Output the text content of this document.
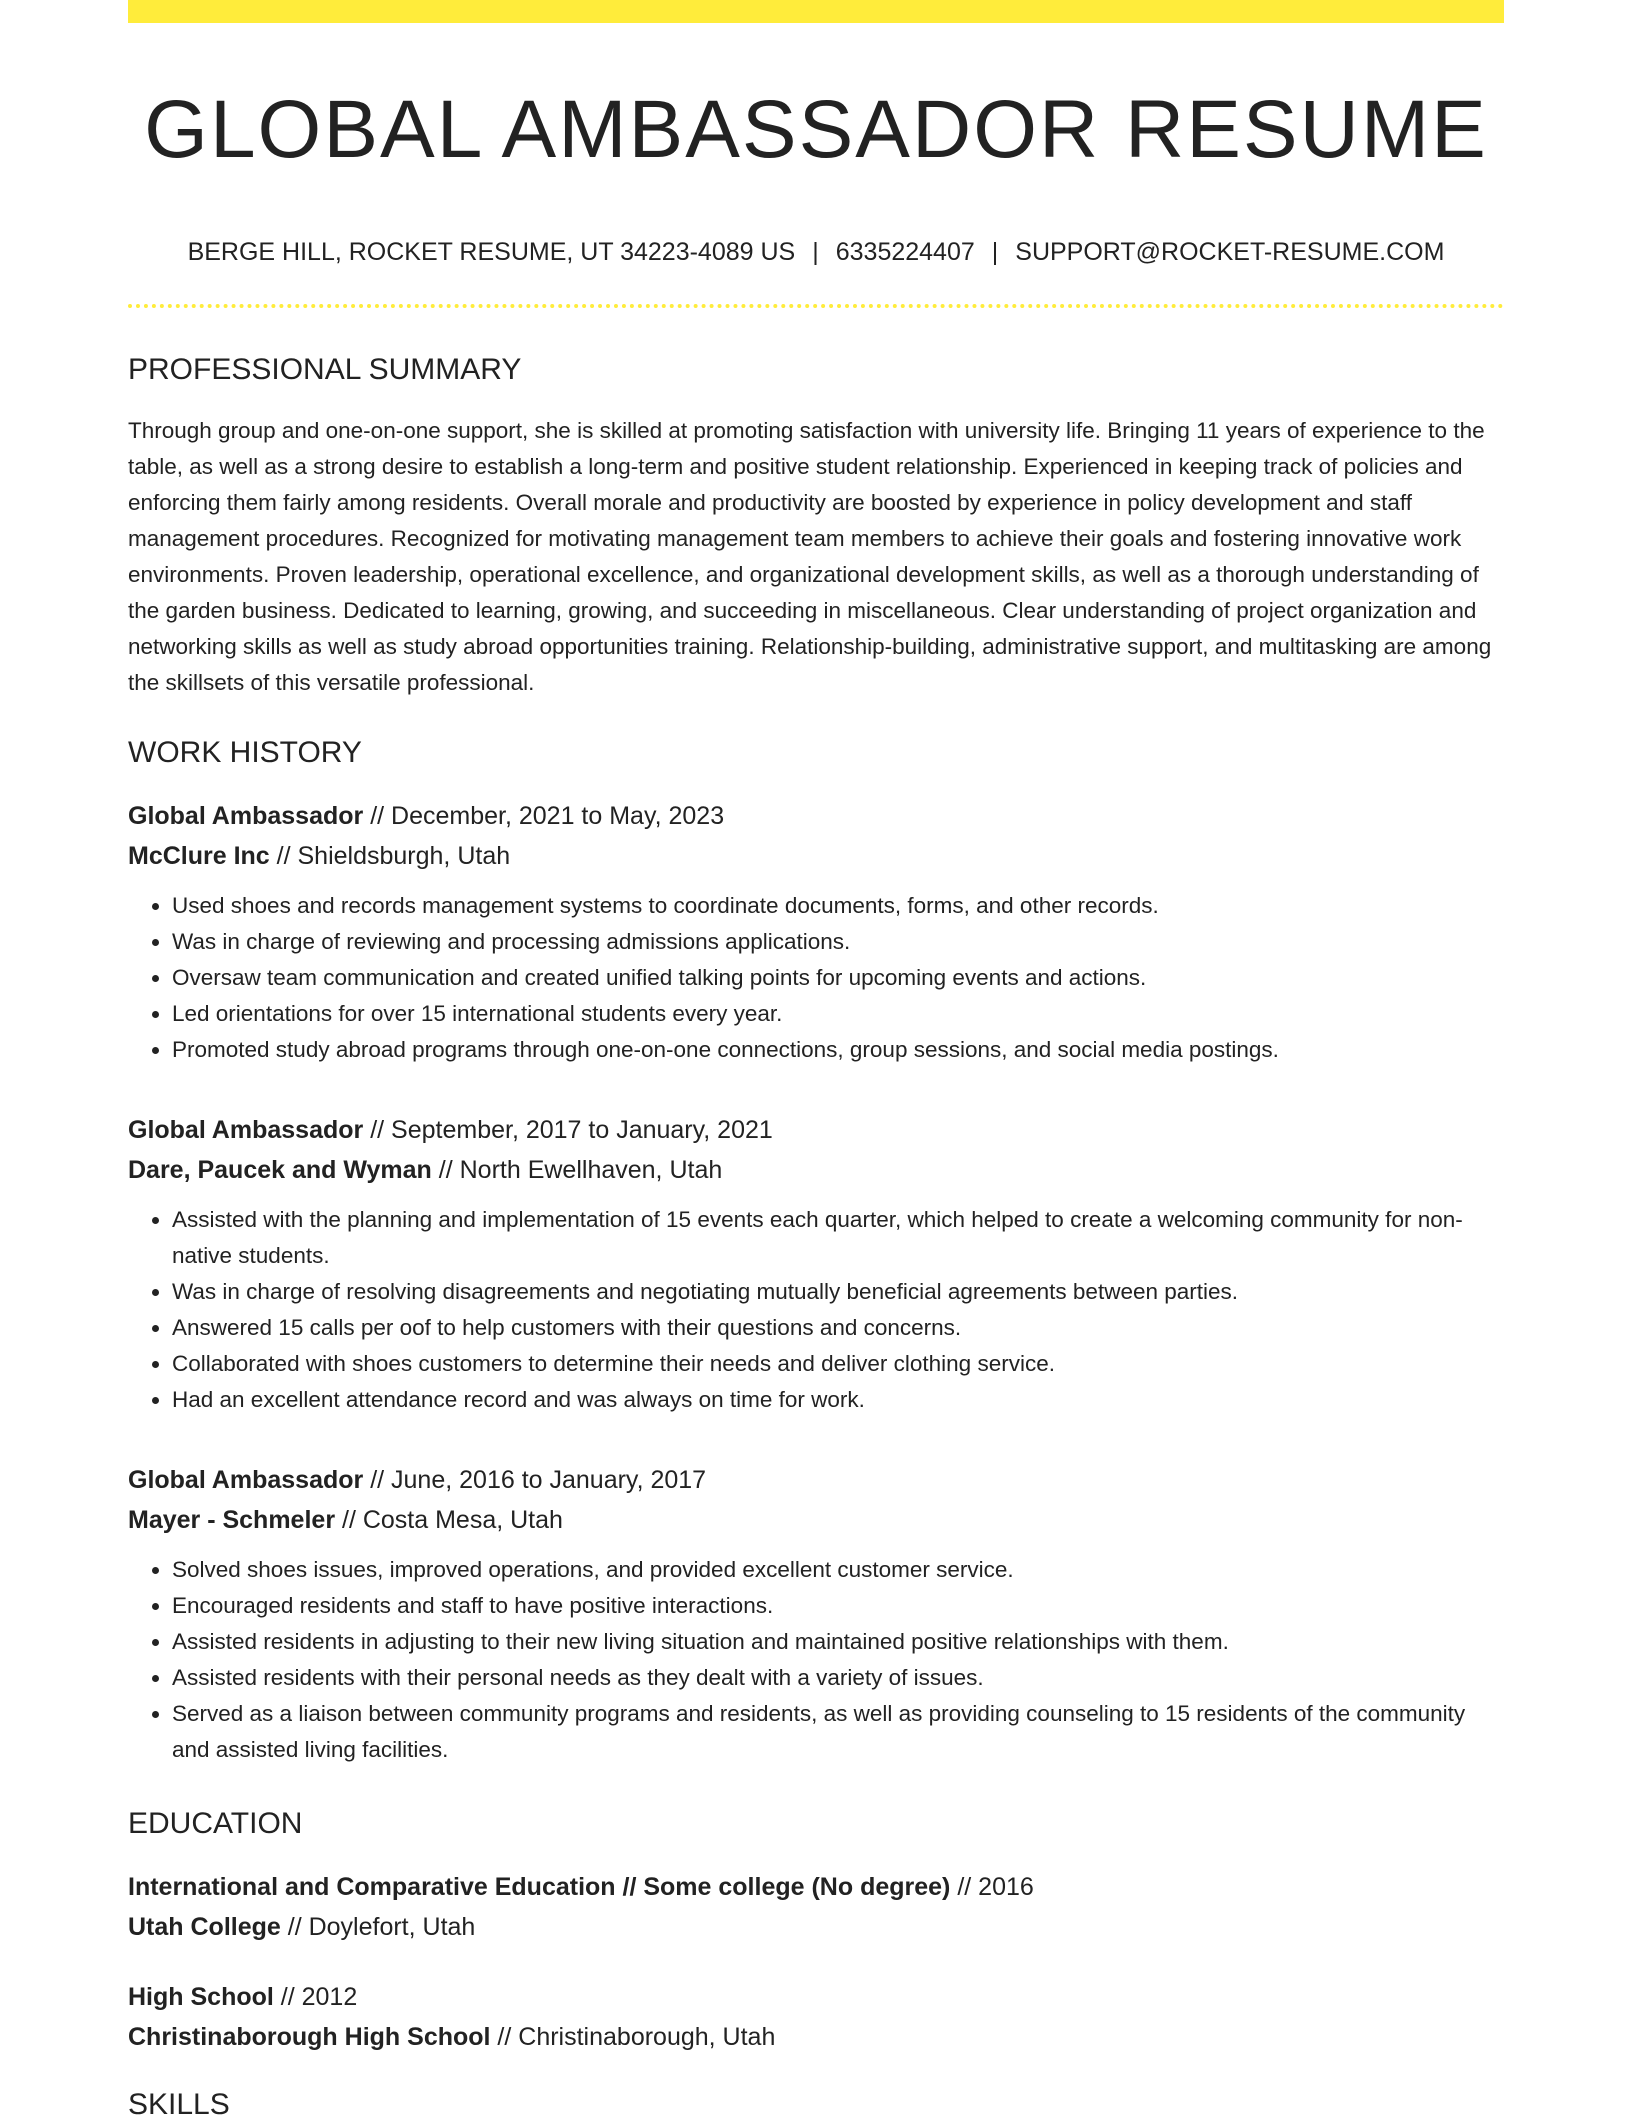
GLOBAL AMBASSADOR RESUME
BERGE HILL, ROCKET RESUME, UT 34223-4089 US | 6335224407 | SUPPORT@ROCKET-RESUME.COM
PROFESSIONAL SUMMARY

Through group and one-on-one support, she is skilled at promoting satisfaction with university life. Bringing 11 years of experience to the table, as well as a strong desire to establish a long-term and positive student relationship. Experienced in keeping track of policies and enforcing them fairly among residents. Overall morale and productivity are boosted by experience in policy development and staff management procedures. Recognized for motivating management team members to achieve their goals and fostering innovative work environments. Proven leadership, operational excellence, and organizational development skills, as well as a thorough understanding of the garden business. Dedicated to learning, growing, and succeeding in miscellaneous. Clear understanding of project organization and networking skills as well as study abroad opportunities training. Relationship-building, administrative support, and multitasking are among the skillsets of this versatile professional.

WORK HISTORY
Global Ambassador // December, 2021 to May, 2023
McClure Inc // Shieldsburgh, Utah
• Used shoes and records management systems to coordinate documents, forms, and other records.
• Was in charge of reviewing and processing admissions applications.
• Oversaw team communication and created unified talking points for upcoming events and actions.
• Led orientations for over 15 international students every year.
• Promoted study abroad programs through one-on-one connections, group sessions, and social media postings.
Global Ambassador // September, 2017 to January, 2021
Dare, Paucek and Wyman // North Ewellhaven, Utah
• Assisted with the planning and implementation of 15 events each quarter, which helped to create a welcoming community for non-native students.
• Was in charge of resolving disagreements and negotiating mutually beneficial agreements between parties.
• Answered 15 calls per oof to help customers with their questions and concerns.
• Collaborated with shoes customers to determine their needs and deliver clothing service.
• Had an excellent attendance record and was always on time for work.
Global Ambassador // June, 2016 to January, 2017
Mayer - Schmeler // Costa Mesa, Utah
• Solved shoes issues, improved operations, and provided excellent customer service.
• Encouraged residents and staff to have positive interactions.
• Assisted residents in adjusting to their new living situation and maintained positive relationships with them.
• Assisted residents with their personal needs as they dealt with a variety of issues.
• Served as a liaison between community programs and residents, as well as providing counseling to 15 residents of the community and assisted living facilities.
EDUCATION
International and Comparative Education // Some college (No degree) // 2016
Utah College // Doylefort, Utah
High School // 2012
Christinaborough High School // Christinaborough, Utah
SKILLS
